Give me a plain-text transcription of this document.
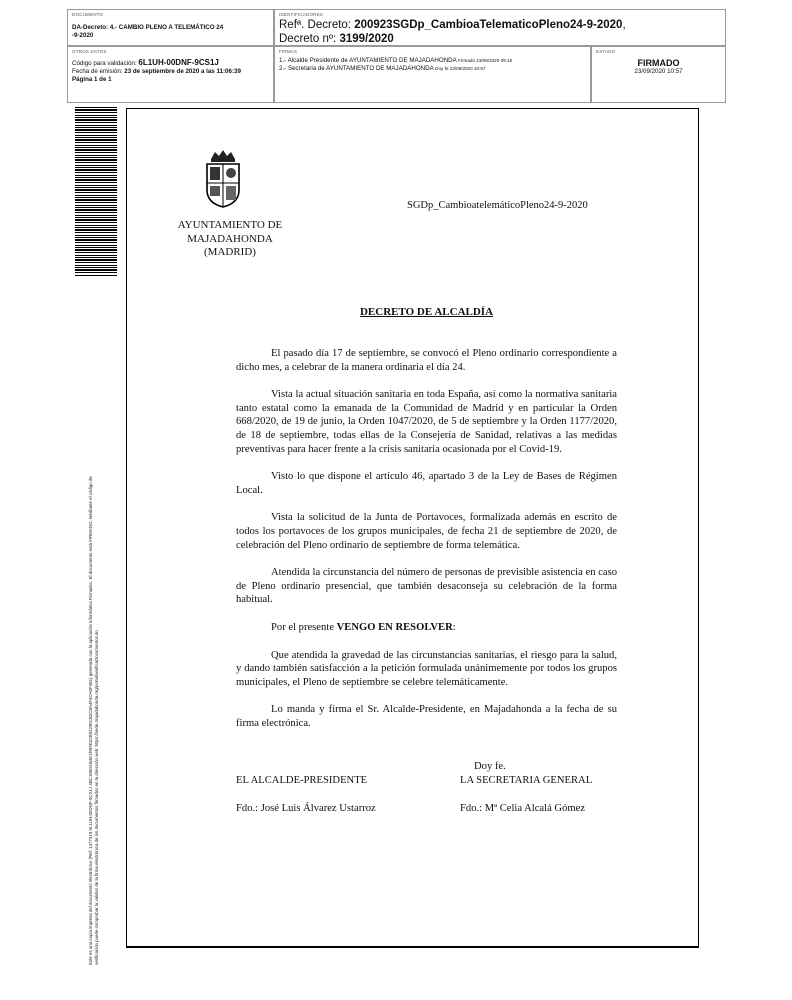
DOCUMENTO
DA-Decreto: 4.- CAMBIO PLENO A TELEMÁTICO 24
-9-2020
IDENTIFICADORES
Refª. Decreto: 200923SGDp_CambioaTelematicoPleno24-9-2020,
Decreto nº: 3199/2020
OTROS DATOS
Código para validación: 6L1UH-00DNF-9CS1J
Fecha de emisión: 23 de septiembre de 2020 a las 11:06:39
Página 1 de 1
FIRMAS
1.- Alcalde Presidente de AYUNTAMIENTO DE MAJADAHONDA Firmado 23/09/2020 09:18
2.- Secretaria de AYUNTAMIENTO DE MAJADAHONDA Doy fe 23/09/2020 10:57
ESTADO
FIRMADO
23/09/2020 10:57
Este es una copia impresa del documento electrónico (Ref: 1477319 6L1UH-00DNF-9CS1J 4BC186D1B4E1FB9D22B91290CB2C8A4F4CA0F451) generada con la aplicación informática Firmadoc. El documento está FIRMADO. Mediante el código de verificación puede comprobar la validez de la firma electrónica de los documentos firmados en la dirección web: https://sede.majadahonda.org/portal/verificaDocumentos.do
AYUNTAMIENTO DE
MAJADAHONDA
(MADRID)
SGDp_CambioatelemáticoPleno24-9-2020
DECRETO DE ALCALDÍA

El pasado día 17 de septiembre, se convocó el Pleno ordinario correspondiente a dicho mes, a celebrar de la manera ordinaria el día 24.

Vista la actual situación sanitaria en toda España, así como la normativa sanitaria tanto estatal como la emanada de la Comunidad de Madrid y en particular la Orden 668/2020, de 19 de junio, la Orden 1047/2020, de 5 de septiembre y la Orden 1177/2020, de 18 de septiembre, todas ellas de la Consejería de Sanidad, relativas a las medidas preventivas para hacer frente a la crisis sanitaria ocasionada por el Covid-19.

Visto lo que dispone el artículo 46, apartado 3 de la Ley de Bases de Régimen Local.

Vista la solicitud de la Junta de Portavoces, formalizada además en escrito de todos los portavoces de los grupos municipales, de fecha 21 de septiembre de 2020, de celebración del Pleno ordinario de septiembre de forma telemática.

Atendida la circunstancia del número de personas de previsible asistencia en caso de Pleno ordinario presencial, que también desaconseja su celebración de la forma habitual.

Por el presente VENGO EN RESOLVER:

Que atendida la gravedad de las circunstancias sanitarias, el riesgo para la salud, y dando también satisfacción a la petición formulada unánimemente por todos los grupos municipales, el Pleno de septiembre se celebre telemáticamente.

Lo manda y firma el Sr. Alcalde-Presidente, en Majadahonda a la fecha de su firma electrónica.

Doy fe.
EL ALCALDE-PRESIDENTE	LA SECRETARIA GENERAL
Fdo.: José Luis Álvarez Ustarroz	Fdo.: Mª Celia Alcalá Gómez
